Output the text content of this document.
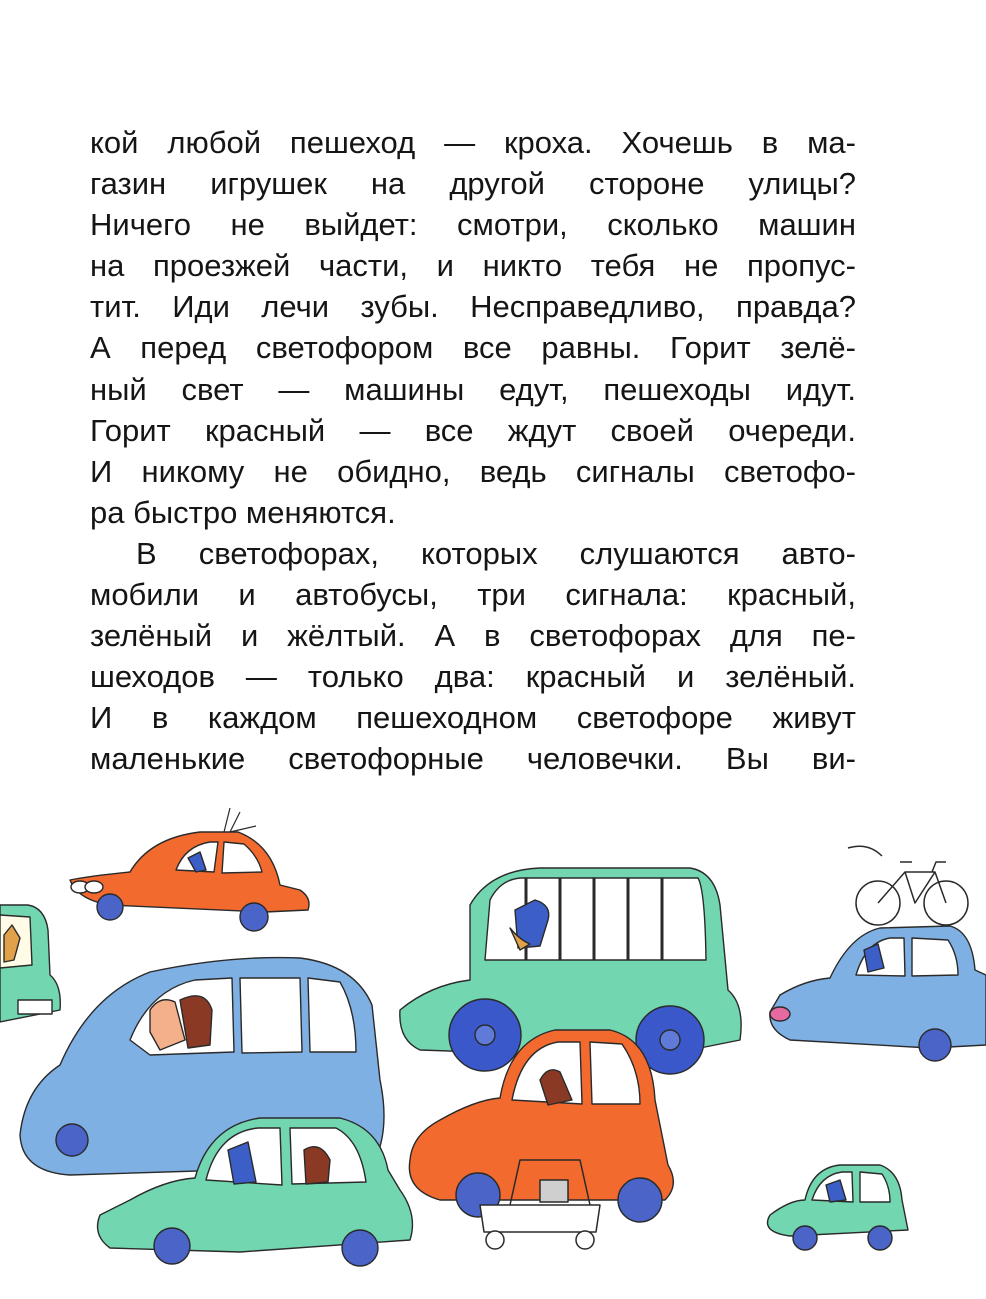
кой любой пешеход — кроха. Хочешь в ма-
газин игрушек на другой стороне улицы?
Ничего не выйдет: смотри, сколько машин
на проезжей части, и никто тебя не пропус-
тит. Иди лечи зубы. Несправедливо, правда?
А перед светофором все равны. Горит зелё-
ный свет — машины едут, пешеходы идут.
Горит красный — все ждут своей очереди.
И никому не обидно, ведь сигналы светофо-
ра быстро меняются.
В светофорах, которых слушаются авто-
мобили и автобусы, три сигнала: красный,
зелёный и жёлтый. А в светофорах для пе-
шеходов — только два: красный и зелёный.
И в каждом пешеходном светофоре живут
маленькие светофорные человечки. Вы ви-
